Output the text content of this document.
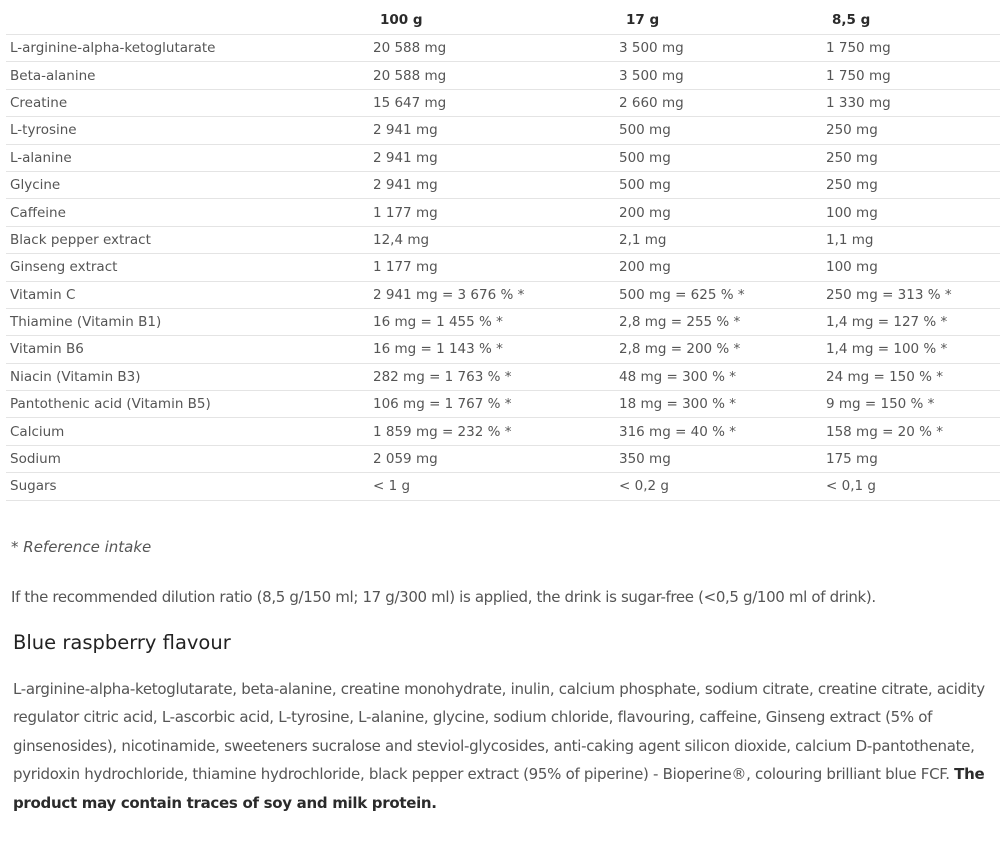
	100 g	17 g	8,5 g
L-arginine-alpha-ketoglutarate	20 588 mg	3 500 mg	1 750 mg
Beta-alanine	20 588 mg	3 500 mg	1 750 mg
Creatine	15 647 mg	2 660 mg	1 330 mg
L-tyrosine	2 941 mg	500 mg	250 mg
L-alanine	2 941 mg	500 mg	250 mg
Glycine	2 941 mg	500 mg	250 mg
Caffeine	1 177 mg	200 mg	100 mg
Black pepper extract	12,4 mg	2,1 mg	1,1 mg
Ginseng extract	1 177 mg	200 mg	100 mg
Vitamin C	2 941 mg = 3 676 % *	500 mg = 625 % *	250 mg = 313 % *
Thiamine (Vitamin B1)	16 mg = 1 455 % *	2,8 mg = 255 % *	1,4 mg = 127 % *
Vitamin B6	16 mg = 1 143 % *	2,8 mg = 200 % *	1,4 mg = 100 % *
Niacin (Vitamin B3)	282 mg = 1 763 % *	48 mg = 300 % *	24 mg = 150 % *
Pantothenic acid (Vitamin B5)	106 mg = 1 767 % *	18 mg = 300 % *	9 mg = 150 % *
Calcium	1 859 mg = 232 % *	316 mg = 40 % *	158 mg = 20 % *
Sodium	2 059 mg	350 mg	175 mg
Sugars	< 1 g	< 0,2 g	< 0,1 g
* Reference intake
If the recommended dilution ratio (8,5 g/150 ml; 17 g/300 ml) is applied, the drink is sugar-free (<0,5 g/100 ml of drink).
Blue raspberry flavour

L-arginine-alpha-ketoglutarate, beta-alanine, creatine monohydrate, inulin, calcium phosphate, sodium citrate, creatine citrate, acidity regulator citric acid, L-ascorbic acid, L-tyrosine, L-alanine, glycine, sodium chloride, flavouring, caffeine, Ginseng extract (5% of ginsenosides), nicotinamide, sweeteners sucralose and steviol-glycosides, anti-caking agent silicon dioxide, calcium D-pantothenate, pyridoxin hydrochloride, thiamine hydrochloride, black pepper extract (95% of piperine) - Bioperine®, colouring brilliant blue FCF. The product may contain traces of soy and milk protein.
